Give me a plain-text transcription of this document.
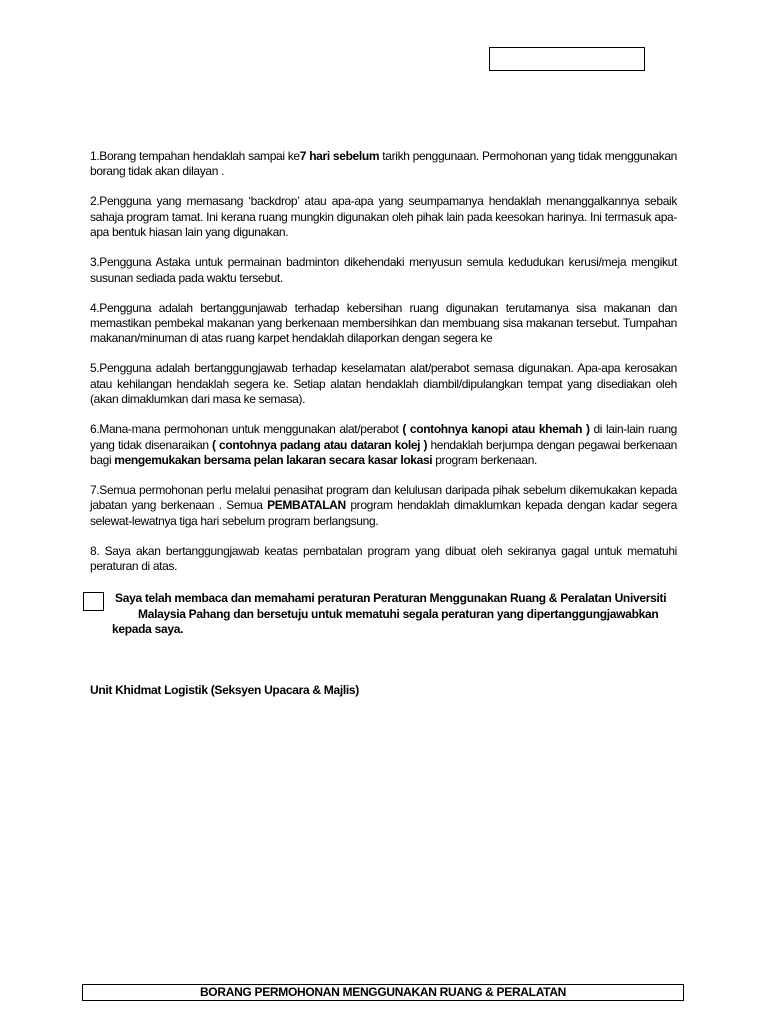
1.Borang tempahan hendaklah sampai ke7 hari sebelum tarikh penggunaan. Permohonan yang tidak menggunakan borang tidak akan dilayan .

2.Pengguna yang memasang ‘backdrop’ atau apa-apa yang seumpamanya hendaklah menanggalkannya sebaik sahaja program tamat. Ini kerana ruang mungkin digunakan oleh pihak lain pada keesokan harinya. Ini termasuk apa-apa bentuk hiasan lain yang digunakan.

3.Pengguna Astaka untuk permainan badminton dikehendaki menyusun semula kedudukan kerusi/meja mengikut susunan sediada pada waktu tersebut.

4.Pengguna adalah bertanggunjawab terhadap kebersihan ruang digunakan terutamanya sisa makanan dan memastikan pembekal makanan yang berkenaan membersihkan dan membuang sisa makanan tersebut. Tumpahan makanan/minuman di atas ruang karpet hendaklah dilaporkan dengan segera ke

5.Pengguna adalah bertanggungjawab terhadap keselamatan alat/perabot semasa digunakan. Apa-apa kerosakan atau kehilangan hendaklah segera ke. Setiap alatan hendaklah diambil/dipulangkan tempat yang disediakan oleh (akan dimaklumkan dari masa ke semasa).

6.Mana-mana permohonan untuk menggunakan alat/perabot ( contohnya kanopi atau khemah ) di lain-lain ruang yang tidak disenaraikan ( contohnya padang atau dataran kolej ) hendaklah berjumpa dengan pegawai berkenaan bagi mengemukakan bersama pelan lakaran secara kasar lokasi program berkenaan.

7.Semua permohonan perlu melalui penasihat program dan kelulusan daripada pihak sebelum dikemukakan kepada jabatan yang berkenaan . Semua PEMBATALAN program hendaklah dimaklumkan kepada dengan kadar segera selewat-lewatnya tiga hari sebelum program berlangsung.

8. Saya akan bertanggungjawab keatas pembatalan program yang dibuat oleh sekiranya gagal untuk mematuhi peraturan di atas.

Saya telah membaca dan memahami peraturan Peraturan Menggunakan Ruang & Peralatan Universiti
Malaysia Pahang dan bersetuju untuk mematuhi segala peraturan yang dipertanggungjawabkan
kepada saya.
Unit Khidmat Logistik (Seksyen Upacara & Majlis)
BORANG PERMOHONAN MENGGUNAKAN RUANG & PERALATAN
